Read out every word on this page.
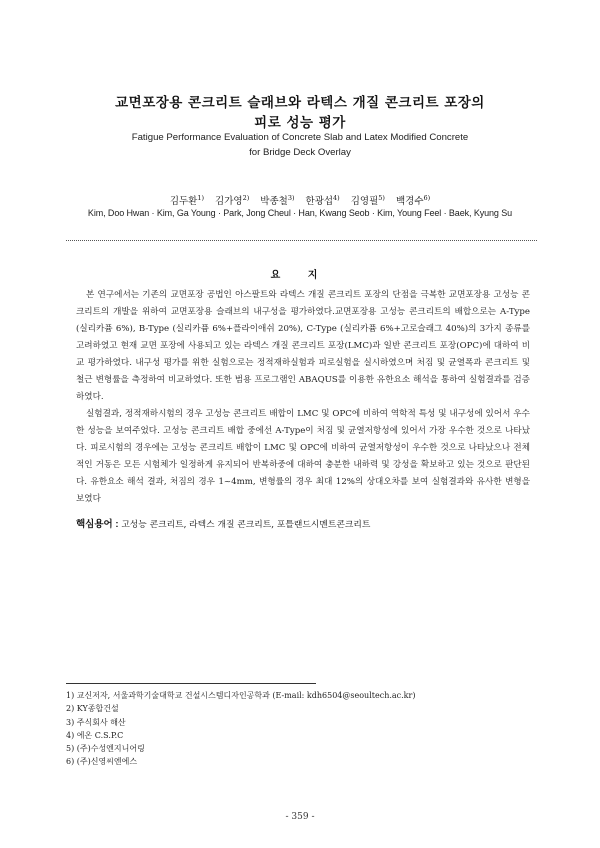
교면포장용 콘크리트 슬래브와 라텍스 개질 콘크리트 포장의
피로 성능 평가
Fatigue Performance Evaluation of Concrete Slab and Latex Modified Concrete
for Bridge Deck Overlay
김두환$^{1)}$ 김가영$^{2)}$ 박종철$^{3)}$ 한광섭$^{4)}$ 김영필$^{5)}$ 백경수$^{6)}$
Kim, Doo Hwan · Kim, Ga Young · Park, Jong Cheul · Han, Kwang Seob · Kim, Young Feel · Baek, Kyung Su
요 지

본 연구에서는 기존의 교면포장 공법인 아스팔트와 라텍스 개질 콘크리트 포장의 단점을 극복한 교면포장용 고성능 콘크리트의 개발을 위하여 교면포장용 슬래브의 내구성을 평가하였다.교면포장용 고성능 콘크리트의 배합으로는 A-Type (실리카퓸 6%), B-Type (실리카퓸 6%+플라이애쉬 20%), C-Type (실리카퓸 6%+고로슬래그 40%)의 3가지 종류를 고려하였고 현재 교면 포장에 사용되고 있는 라텍스 개질 콘크리트 포장(LMC)과 일반 콘크리트 포장(OPC)에 대하여 비교 평가하였다. 내구성 평가를 위한 실험으로는 정적재하실험과 피로실험을 실시하였으며 처짐 및 균열폭과 콘크리트 및 철근 변형률을 측정하여 비교하였다. 또한 범용 프로그램인 ABAQUS를 이용한 유한요소 해석을 통하여 실험결과를 검증하였다.

실험결과, 정적재하시험의 경우 고성능 콘크리트 배합이 LMC 및 OPC에 비하여 역학적 특성 및 내구성에 있어서 우수한 성능을 보여주었다. 고성능 콘크리트 배합 중에선 A-Type이 처짐 및 균열저항성에 있어서 가장 우수한 것으로 나타났다. 피로시험의 경우에는 고성능 콘크리트 배합이 LMC 및 OPC에 비하여 균열저항성이 우수한 것으로 나타났으나 전체적인 거동은 모든 시험체가 일정하게 유지되어 반복하중에 대하여 충분한 내하력 및 강성을 확보하고 있는 것으로 판단된다. 유한요소 해석 결과, 처짐의 경우 1~4mm, 변형률의 경우 최대 12%의 상대오차를 보여 실험결과와 유사한 변형을 보였다

핵심용어 : 고성능 콘크리트, 라텍스 개질 콘크리트, 포틀랜드시멘트콘크리트
1) 교신저자, 서울과학기술대학교 건설시스템디자인공학과 (E-mail: kdh6504@seoultech.ac.kr)
2) KY종합건설
3) 주식회사 해산
4) 에온 C.S.P.C
5) (주)수성엔지니어링
6) (주)신영씨엔에스
- 359 -
